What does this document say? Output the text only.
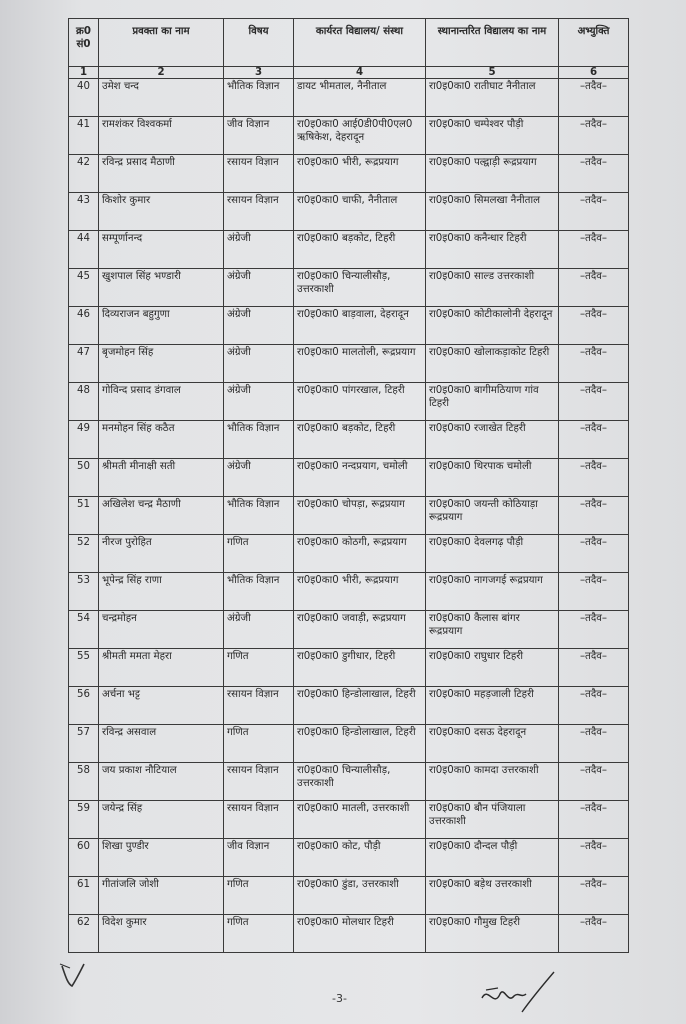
क्र0 सं0	प्रवक्ता का नाम	विषय	कार्यरत विद्यालय/ संस्था	स्थानान्तरित विद्यालय का नाम	अभ्युक्ति
1	2	3	4	5	6
40	उमेश चन्द	भौतिक विज्ञान	डायट भीमताल, नैनीताल	रा0इ0का0 रातीघाट नैनीताल	–तदैव–
41	रामशंकर विश्वकर्मा	जीव विज्ञान	रा0इ0का0 आई0डी0पी0एल0 ऋषिकेश, देहरादून	रा0इ0का0 चम्पेश्वर पौड़ी	–तदैव–
42	रविन्द्र प्रसाद मैठाणी	रसायन विज्ञान	रा0इ0का0 भीरी, रूद्रप्रयाग	रा0इ0का0 पल्द्वाड़ी रूद्रप्रयाग	–तदैव–
43	किशोर कुमार	रसायन विज्ञान	रा0इ0का0 चाफी, नैनीताल	रा0इ0का0 सिमलखा नैनीताल	–तदैव–
44	सम्पूर्णानन्द	अंग्रेजी	रा0इ0का0 बड़कोट, टिहरी	रा0इ0का0 कनैन्धार टिहरी	–तदैव–
45	खुशपाल सिंह भण्डारी	अंग्रेजी	रा0इ0का0 चिन्यालीसौड़, उत्तरकाशी	रा0इ0का0 साल्ड उत्तरकाशी	–तदैव–
46	दिव्यराजन बहुगुणा	अंग्रेजी	रा0इ0का0 बाड़वाला, देहरादून	रा0इ0का0 कोटीकालोनी देहरादून	–तदैव–
47	बृजमोहन सिंह	अंग्रेजी	रा0इ0का0 मालतोली, रूद्रप्रयाग	रा0इ0का0 खोलाकड़ाकोट टिहरी	–तदैव–
48	गोविन्द प्रसाद डंगवाल	अंग्रेजी	रा0इ0का0 पांगरखाल, टिहरी	रा0इ0का0 बागीमठियाण गांव टिहरी	–तदैव–
49	मनमोहन सिंह कठैत	भौतिक विज्ञान	रा0इ0का0 बड़कोट, टिहरी	रा0इ0का0 रजाखेत टिहरी	–तदैव–
50	श्रीमती मीनाक्षी सती	अंग्रेजी	रा0इ0का0 नन्दप्रयाग, चमोली	रा0इ0का0 थिरपाक चमोली	–तदैव–
51	अखिलेश चन्द्र मैठाणी	भौतिक विज्ञान	रा0इ0का0 चोपड़ा, रूद्रप्रयाग	रा0इ0का0 जयन्ती कोठियाड़ा रूद्रप्रयाग	–तदैव–
52	नीरज पुरोहित	गणित	रा0इ0का0 कोठगी, रूद्रप्रयाग	रा0इ0का0 देवलगढ़ पौड़ी	–तदैव–
53	भूपेन्द्र सिंह राणा	भौतिक विज्ञान	रा0इ0का0 भीरी, रूद्रप्रयाग	रा0इ0का0 नागजगई रूद्रप्रयाग	–तदैव–
54	चन्द्रमोहन	अंग्रेजी	रा0इ0का0 जवाड़ी, रूद्रप्रयाग	रा0इ0का0 कैलास बांगर रूद्रप्रयाग	–तदैव–
55	श्रीमती ममता मेहरा	गणित	रा0इ0का0 डुगीधार, टिहरी	रा0इ0का0 राघुधार टिहरी	–तदैव–
56	अर्चना भट्ट	रसायन विज्ञान	रा0इ0का0 हिन्डोलाखाल, टिहरी	रा0इ0का0 महड़जाली टिहरी	–तदैव–
57	रविन्द्र असवाल	गणित	रा0इ0का0 हिन्डोलाखाल, टिहरी	रा0इ0का0 दसऊ देहरादून	–तदैव–
58	जय प्रकाश नौटियाल	रसायन विज्ञान	रा0इ0का0 चिन्यालीसौड़, उत्तरकाशी	रा0इ0का0 कामदा उत्तरकाशी	–तदैव–
59	जयेन्द्र सिंह	रसायन विज्ञान	रा0इ0का0 मातली, उत्तरकाशी	रा0इ0का0 बौन पंजियाला उत्तरकाशी	–तदैव–
60	शिखा पुण्डीर	जीव विज्ञान	रा0इ0का0 कोट, पौड़ी	रा0इ0का0 दौन्दल पौड़ी	–तदैव–
61	गीतांजलि जोशी	गणित	रा0इ0का0 डुंडा, उत्तरकाशी	रा0इ0का0 बड़ेथ उत्तरकाशी	–तदैव–
62	विदेश कुमार	गणित	रा0इ0का0 मोलधार टिहरी	रा0इ0का0 गौमुख टिहरी	–तदैव–
-3-
